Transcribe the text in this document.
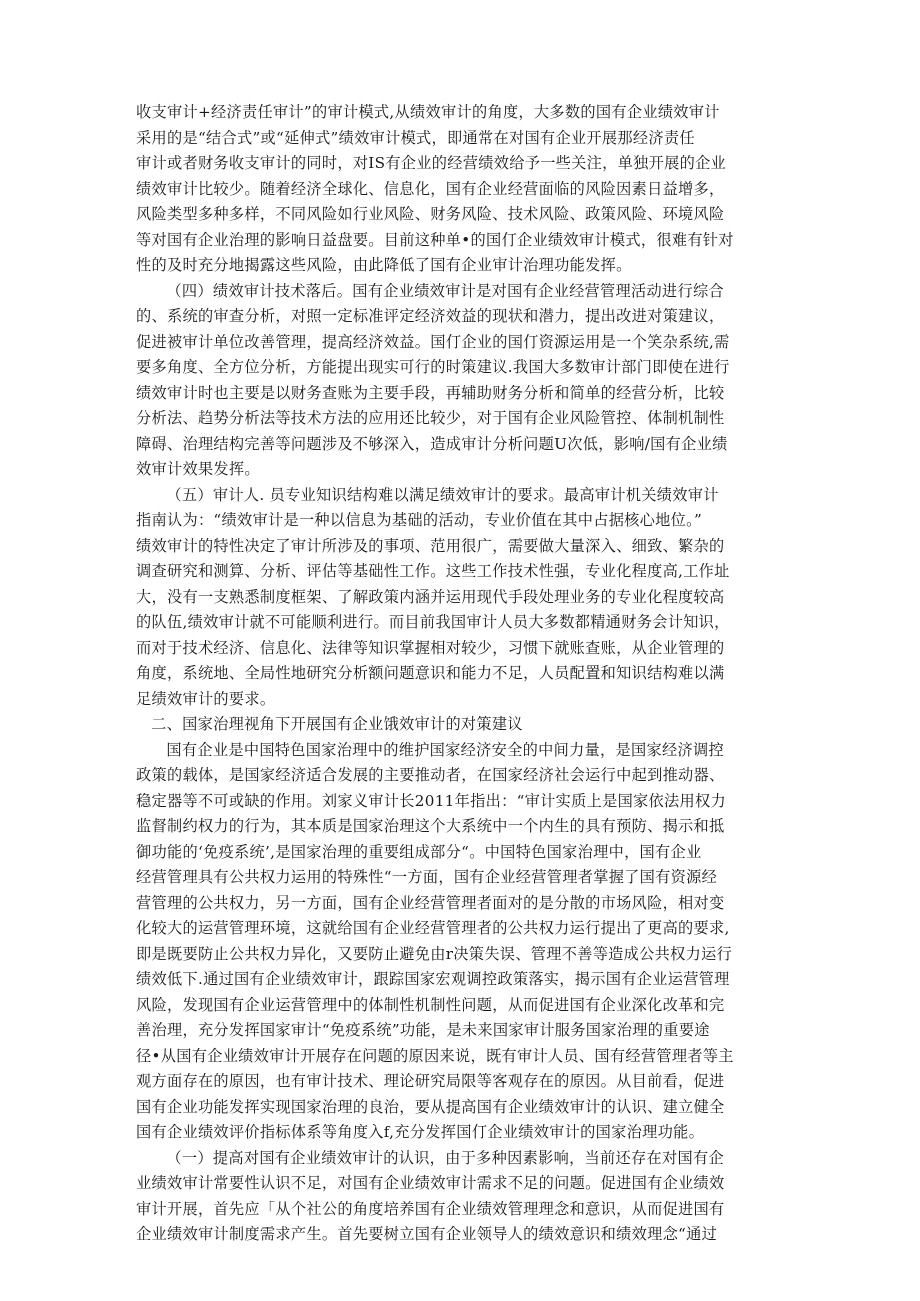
收支审计+经济责任审计”的审计模式,从绩效审计的角度，大多数的国有企业绩效审计
采用的是“结合式”或“延伸式”绩效审计模式，即通常在对国有企业开展那经济责任
审计或者财务收支审计的同时，对IS有企业的经营绩效给予一些关注，单独开展的企业
绩效审计比较少。随着经济全球化、信息化，国有企业经营面临的风险因素日益增多，
风险类型多种多样，不同风险如行业风险、财务风险、技术风险、政策风险、环境风险
等对国有企业治理的影响日益盘要。目前这种单•的国仃企业绩效审计模式，很难有针对
性的及时充分地揭露这些风险，由此降低了国有企业审计治理功能发挥。
（四）绩效审计技术落后。国有企业绩效审计是对国有企业经营管理活动进行综合
的、系统的审查分析，对照一定标准评定经济效益的现状和潜力，提出改进对策建议，
促进被审计单位改善管理，提高经济效益。国仃企业的国仃资源运用是一个笑杂系统,需
要多角度、全方位分析，方能提出现实可行的时策建议.我国大多数审计部门即使在进行
绩效审计时也主要是以财务查账为主要手段，再辅助财务分析和简单的经营分析，比较
分析法、趋势分析法等技术方法的应用还比较少，对于国有企业风险管控、体制机制性
障碍、治理结构完善等问题涉及不够深入，造成审计分析问题U次低，影响/国有企业绩
效审计效果发挥。
（五）审计人. 员专业知识结构难以满足绩效审计的要求。最高审计机关绩效审计
指南认为：“绩效审计是一种以信息为基础的活动，专业价值在其中占据核心地位。”
绩效审计的特性决定了审计所涉及的事项、范用很广，需要做大量深入、细致、繁杂的
调查研究和测算、分析、评估等基础性工作。这些工作技术性强，专业化程度高,工作址
大，没有一支熟悉制度框架、了解政策内涵并运用现代手段处理业务的专业化程度较高
的队伍,绩效审计就不可能顺利进行。而目前我国审计人员大多数都精通财务会计知识，
而对于技术经济、信息化、法律等知识掌握相对较少，习惯下就账查账，从企业管理的
角度，系统地、全局性地研究分析额问题意识和能力不足，人员配置和知识结构难以满
足绩效审计的要求。
二、国家治理视角下开展国有企业饿效审计的对策建议
国有企业是中国特色国家治理中的维护国家经济安全的中间力量，是国家经济调控
政策的载体，是国家经济适合发展的主要推动者，在国家经济社会运行中起到推动器、
稳定器等不可或缺的作用。刘家义审计长2011年指出：“审计实质上是国家依法用权力
监督制约权力的行为，其本质是国家治理这个大系统中一个内生的具有预防、揭示和抵
御功能的‘免疫系统’,是国家治理的重要组成部分“。中国特色国家治理中，国有企业
经营管理具有公共权力运用的特殊性“一方面，国有企业经营管理者掌握了国有资源经
营管理的公共权力，另一方面，国有企业经营管理者面对的是分散的市场风险，相对变
化较大的运营管理环境，这就给国有企业经营管理者的公共权力运行提出了更高的要求,
即是既要防止公共权力异化，又要防止避免由r决策失误、管理不善等造成公共权力运行
绩效低下.通过国有企业绩效审计，跟踪国家宏观调控政策落实，揭示国有企业运营管理
风险，发现国有企业运营管理中的体制性机制性问题，从而促进国有企业深化改革和完
善治理，充分发挥国家审计“免疫系统”功能，是未来国家审计服务国家治理的重要途
径•从国有企业绩效审计开展存在问题的原因来说，既有审计人员、国有经营管理者等主
观方面存在的原因，也有审计技术、理论研究局限等客观存在的原因。从目前看，促进
国有企业功能发挥实现国家治理的良治，要从提高国有企业绩效审计的认识、建立健全
国有企业绩效评价指标体系等角度入f,充分发挥国仃企业绩效审计的国家治理功能。
（一）提高对国有企业绩效审计的认识，由于多种因素影响，当前还存在对国有企
业绩效审计常要性认识不足，对国有企业绩效审计需求不足的问题。促进国有企业绩效
审计开展，首先应「从个社公的角度培养国有企业绩效管理理念和意识，从而促进国有
企业绩效审计制度需求产生。首先要树立国有企业领导人的绩效意识和绩效理念“通过
